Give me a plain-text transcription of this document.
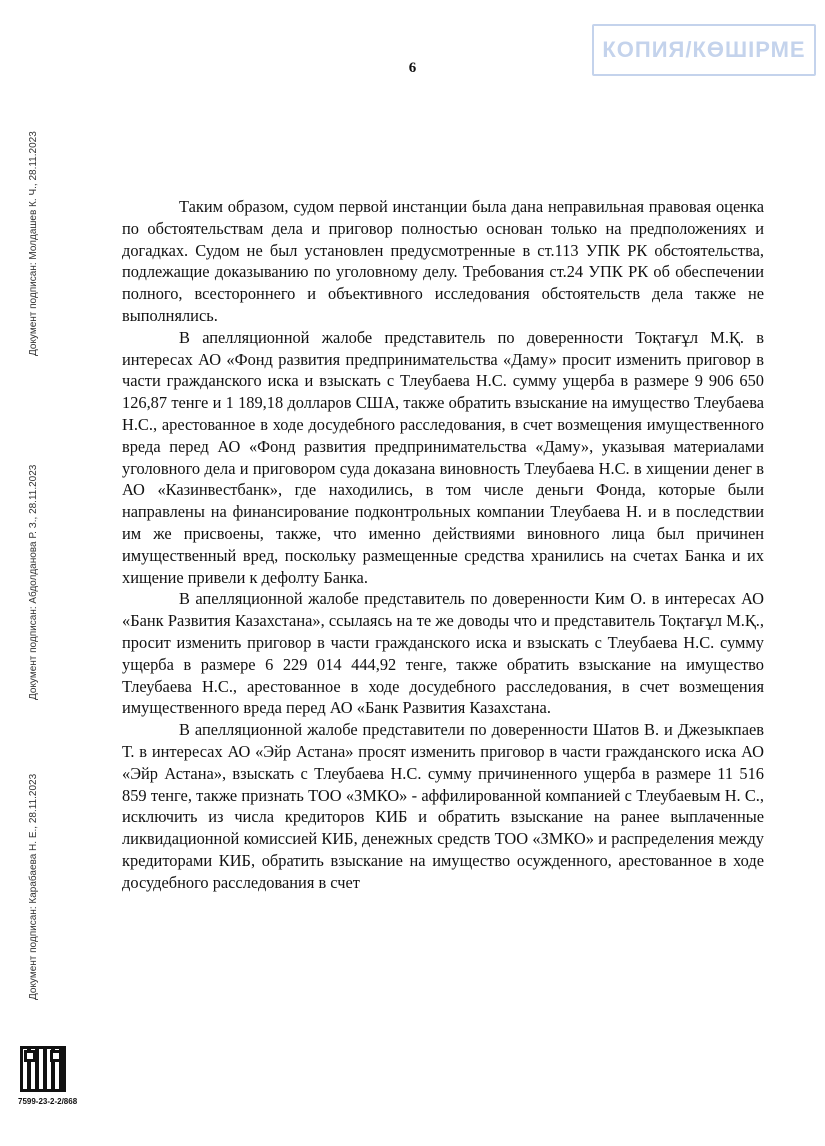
КОПИЯ/КӨШІРМЕ
6
Документ подписан: Молдашев К. Ч., 28.11.2023
Документ подписан: Абдолданова Р. З., 28.11.2023
Документ подписан: Карабаева Н. Е., 28.11.2023

Таким образом, судом первой инстанции была дана неправильная правовая оценка по обстоятельствам дела и приговор полностью основан только на предположениях и догадках. Судом не был установлен предусмотренные в ст.113 УПК РК обстоятельства, подлежащие доказыванию по уголовному делу. Требования ст.24 УПК РК об обеспечении полного, всестороннего и объективного исследования обстоятельств дела также не выполнялись.

В апелляционной жалобе представитель по доверенности Тоқтағұл М.Қ. в интересах АО «Фонд развития предпринимательства «Даму» просит изменить приговор в части гражданского иска и взыскать с Тлеубаева Н.С. сумму ущерба в размере 9 906 650 126,87 тенге и 1 189,18 долларов США, также обратить взыскание на имущество Тлеубаева Н.С., арестованное в ходе досудебного расследования, в счет возмещения имущественного вреда перед АО «Фонд развития предпринимательства «Даму», указывая материалами уголовного дела и приговором суда доказана виновность Тлеубаева Н.С. в хищении денег в АО «Казинвестбанк», где находились, в том числе деньги Фонда, которые были направлены на финансирование подконтрольных компании Тлеубаева Н. и в последствии им же присвоены, также, что именно действиями виновного лица был причинен имущественный вред, поскольку размещенные средства хранились на счетах Банка и их хищение привели к дефолту Банка.

В апелляционной жалобе представитель по доверенности Ким О. в интересах АО «Банк Развития Казахстана», ссылаясь на те же доводы что и представитель Тоқтағұл М.Қ., просит изменить приговор в части гражданского иска и взыскать с Тлеубаева Н.С. сумму ущерба в размере 6 229 014 444,92 тенге, также обратить взыскание на имущество Тлеубаева Н.С., арестованное в ходе досудебного расследования, в счет возмещения имущественного вреда перед АО «Банк Развития Казахстана.

В апелляционной жалобе представители по доверенности Шатов В. и Джезыкпаев Т. в интересах АО «Эйр Астана» просят изменить приговор в части гражданского иска АО «Эйр Астана», взыскать с Тлеубаева Н.С. сумму причиненного ущерба в размере 11 516 859 тенге, также признать ТОО «ЗМКО» - аффилированной компанией с Тлеубаевым Н. С., исключить из числа кредиторов КИБ и обратить взыскание на ранее выплаченные ликвидационной комиссией КИБ, денежных средств ТОО «ЗМКО» и распределения между кредиторами КИБ, обратить взыскание на имущество осужденного, арестованное в ходе досудебного расследования в счет

7599-23-2-2/868
